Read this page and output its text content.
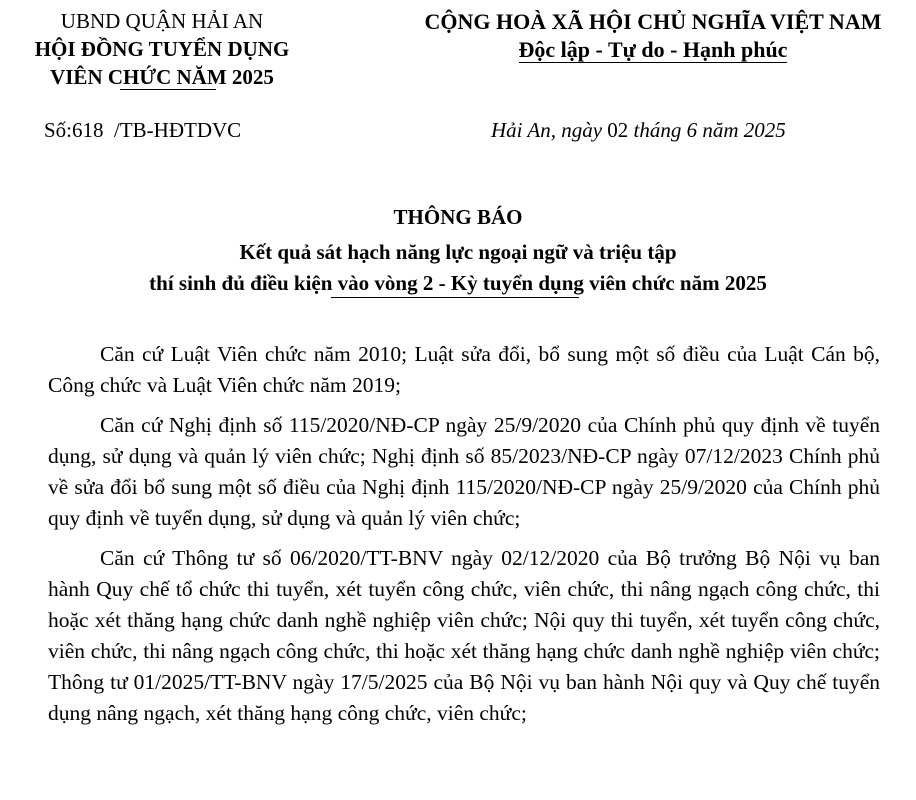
UBND QUẬN HẢI AN
HỘI ĐỒNG TUYỂN DỤNG
VIÊN CHỨC NĂM 2025
CỘNG HOÀ XÃ HỘI CHỦ NGHĨA VIỆT NAM
Độc lập - Tự do - Hạnh phúc
Số:618 /TB-HĐTDVC	Hải An, ngày 02 tháng 6 năm 2025
THÔNG BÁO
Kết quả sát hạch năng lực ngoại ngữ và triệu tập
thí sinh đủ điều kiện vào vòng 2 - Kỳ tuyển dụng viên chức năm 2025

Căn cứ Luật Viên chức năm 2010; Luật sửa đổi, bổ sung một số điều của Luật Cán bộ, Công chức và Luật Viên chức năm 2019;

Căn cứ Nghị định số 115/2020/NĐ-CP ngày 25/9/2020 của Chính phủ quy định về tuyển dụng, sử dụng và quản lý viên chức; Nghị định số 85/2023/NĐ-CP ngày 07/12/2023 Chính phủ về sửa đổi bổ sung một số điều của Nghị định 115/2020/NĐ-CP ngày 25/9/2020 của Chính phủ quy định về tuyển dụng, sử dụng và quản lý viên chức;

Căn cứ Thông tư số 06/2020/TT-BNV ngày 02/12/2020 của Bộ trưởng Bộ Nội vụ ban hành Quy chế tổ chức thi tuyển, xét tuyển công chức, viên chức, thi nâng ngạch công chức, thi hoặc xét thăng hạng chức danh nghề nghiệp viên chức; Nội quy thi tuyển, xét tuyển công chức, viên chức, thi nâng ngạch công chức, thi hoặc xét thăng hạng chức danh nghề nghiệp viên chức; Thông tư 01/2025/TT-BNV ngày 17/5/2025 của Bộ Nội vụ ban hành Nội quy và Quy chế tuyển dụng nâng ngạch, xét thăng hạng công chức, viên chức;
